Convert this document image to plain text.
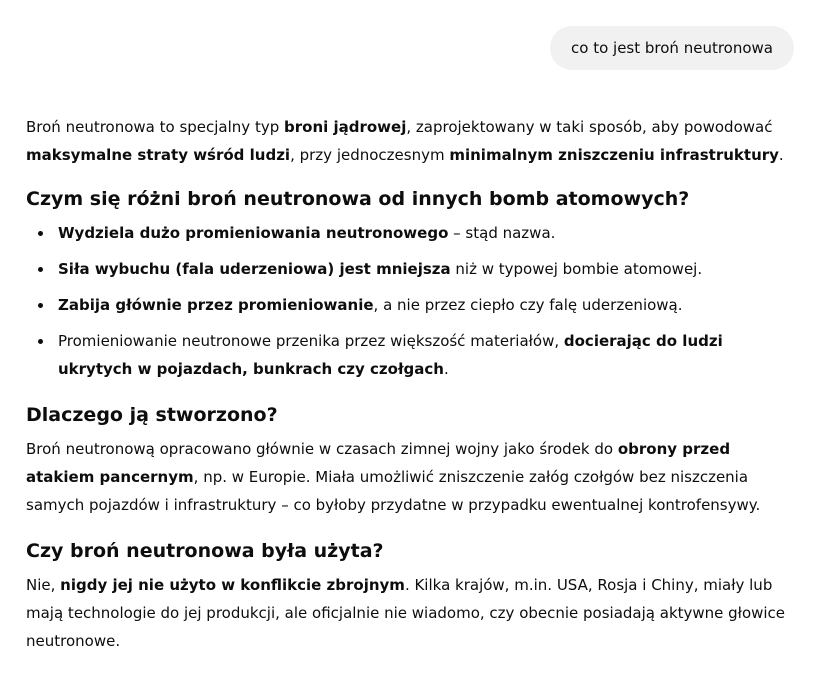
co to jest broń neutronowa

Broń neutronowa to specjalny typ broni jądrowej, zaprojektowany w taki sposób, aby powodować maksymalne straty wśród ludzi, przy jednoczesnym minimalnym zniszczeniu infrastruktury.

Czym się różni broń neutronowa od innych bomb atomowych?
Wydziela dużo promieniowania neutronowego – stąd nazwa.
Siła wybuchu (fala uderzeniowa) jest mniejsza niż w typowej bombie atomowej.
Zabija głównie przez promieniowanie, a nie przez ciepło czy falę uderzeniową.
Promieniowanie neutronowe przenika przez większość materiałów, docierając do ludzi ukrytych w pojazdach, bunkrach czy czołgach.
Dlaczego ją stworzono?

Broń neutronową opracowano głównie w czasach zimnej wojny jako środek do obrony przed atakiem pancernym, np. w Europie. Miała umożliwić zniszczenie załóg czołgów bez niszczenia samych pojazdów i infrastruktury – co byłoby przydatne w przypadku ewentualnej kontrofensywy.

Czy broń neutronowa była użyta?

Nie, nigdy jej nie użyto w konflikcie zbrojnym. Kilka krajów, m.in. USA, Rosja i Chiny, miały lub mają technologie do jej produkcji, ale oficjalnie nie wiadomo, czy obecnie posiadają aktywne głowice neutronowe.
